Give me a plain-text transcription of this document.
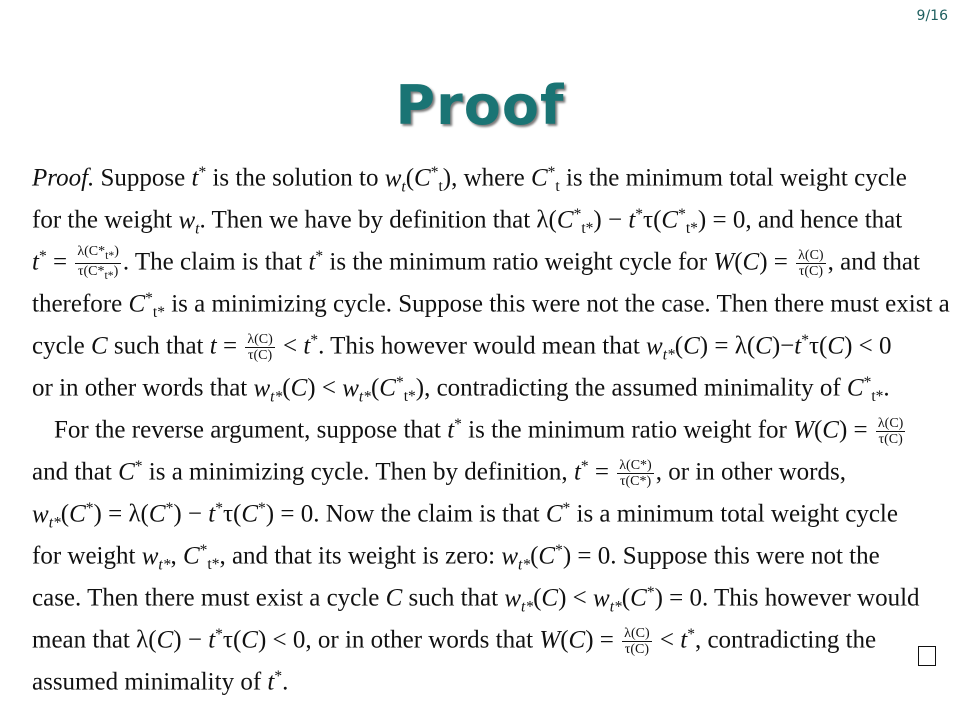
9/16
Proof
Proof. Suppose t* is the solution to $w_t(C^*_t)$, where $C^*_t$ is the minimum total weight cycle
for the weight $w_t$. Then we have by definition that $\lambda(C^*_{t*}) - t^*\tau(C^*_{t*}) = 0$, and hence that
$t^* = \frac{\lambda(C*_{t*})}{\tau(C*_{t*})}$ . The claim is that t* is the minimum ratio weight cycle for $W(C) = \frac{\lambda(C)}{\tau(C)}$ , and that
therefore $C^*_{t*}$ is a minimizing cycle. Suppose this were not the case. Then there must exist a
cycle C such that $t = \frac{\lambda(C)}{\tau(C)} < t^*$. This however would mean that $w_{t*}(C) = \lambda(C)-t^*\tau(C) < 0$
or in other words that $w_{t*}(C) < w_{t*}(C^*_{t*})$, contradicting the assumed minimality of $C^*_{t*}$.
For the reverse argument, suppose that t* is the minimum ratio weight for $W(C) = \frac{\lambda(C)}{\tau(C)}$
and that C* is a minimizing cycle. Then by definition, $t^* = \frac{\lambda(C*)}{\tau(C*)}$ , or in other words,
$w_{t*}(C^*) = \lambda(C^*) - t^*\tau(C^*) = 0$. Now the claim is that C* is a minimum total weight cycle
for weight $w_{t*}$, $C^*_{t*}$, and that its weight is zero: $w_{t*}(C^*) = 0$. Suppose this were not the
case. Then there must exist a cycle C such that $w_{t*}(C) < w_{t*}(C^*) = 0$. This however would
mean that λ(C) − t*τ(C) < 0, or in other words that $W(C) = \frac{\lambda(C)}{\tau(C)} < t^*$, contradicting the
assumed minimality of t*.
